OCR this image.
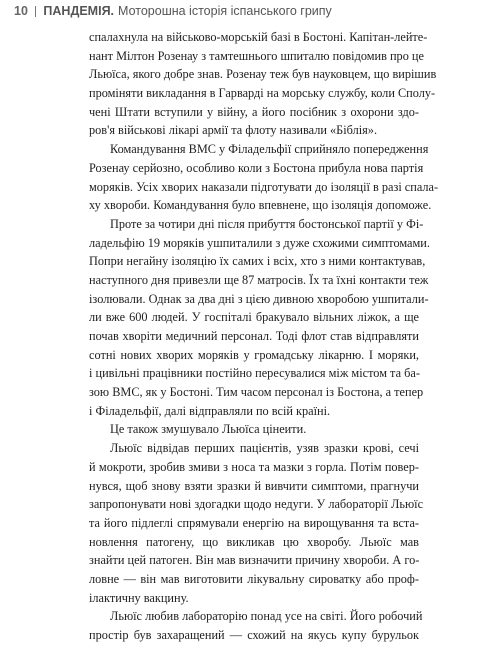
10 ПАНДЕМІЯ. Моторошна історія іспанського грипу
спалахнула на військово-морській базі в Бостоні. Капітан-лейте-
нант Мілтон Розенау з тамтешнього шпиталю повідомив про це
Льюїса, якого добре знав. Розенау теж був науковцем, що вирішив
проміняти викладання в Гарварді на морську службу, коли Сполу-
чені Штати вступили у війну, а його посібник з охорони здо-
ров'я військові лікарі армії та флоту називали «Біблія».
Командування ВМС у Філадельфії сприйняло попередження
Розенау серйозно, особливо коли з Бостона прибула нова партія
моряків. Усіх хворих наказали підготувати до ізоляції в разі спала-
ху хвороби. Командування було впевнене, що ізоляція допоможе.
Проте за чотири дні після прибуття бостонської партії у Фі-
ладельфію 19 моряків ушпиталили з дуже схожими симптомами.
Попри негайну ізоляцію їх самих і всіх, хто з ними контактував,
наступного дня привезли ще 87 матросів. Їх та їхні контакти теж
ізолювали. Однак за два дні з цією дивною хворобою ушпитали-
ли вже 600 людей. У госпіталі бракувало вільних ліжок, а ще
почав хворіти медичний персонал. Тоді флот став відправляти
сотні нових хворих моряків у громадську лікарню. І моряки,
і цивільні працівники постійно пересувалися між містом та ба-
зою ВМС, як у Бостоні. Тим часом персонал із Бостона, а тепер
і Філадельфії, далі відправляли по всій країні.
Це також змушувало Льюїса цінеити.
Льюїс відвідав перших пацієнтів, узяв зразки крові, сечі
й мокроти, зробив змиви з носа та мазки з горла. Потім повер-
нувся, щоб знову взяти зразки й вивчити симптоми, прагнучи
запропонувати нові здогадки щодо недуги. У лабораторії Льюїс
та його підлеглі спрямували енергію на вирощування та вста-
новлення патогену, що викликав цю хворобу. Льюїс мав
знайти цей патоген. Він мав визначити причину хвороби. А го-
ловне — він мав виготовити лікувальну сироватку або проф-
ілактичну вакцину.
Льюїс любив лабораторію понад усе на світі. Його робочий
простір був захаращений — схожий на якусь купу бурульок
